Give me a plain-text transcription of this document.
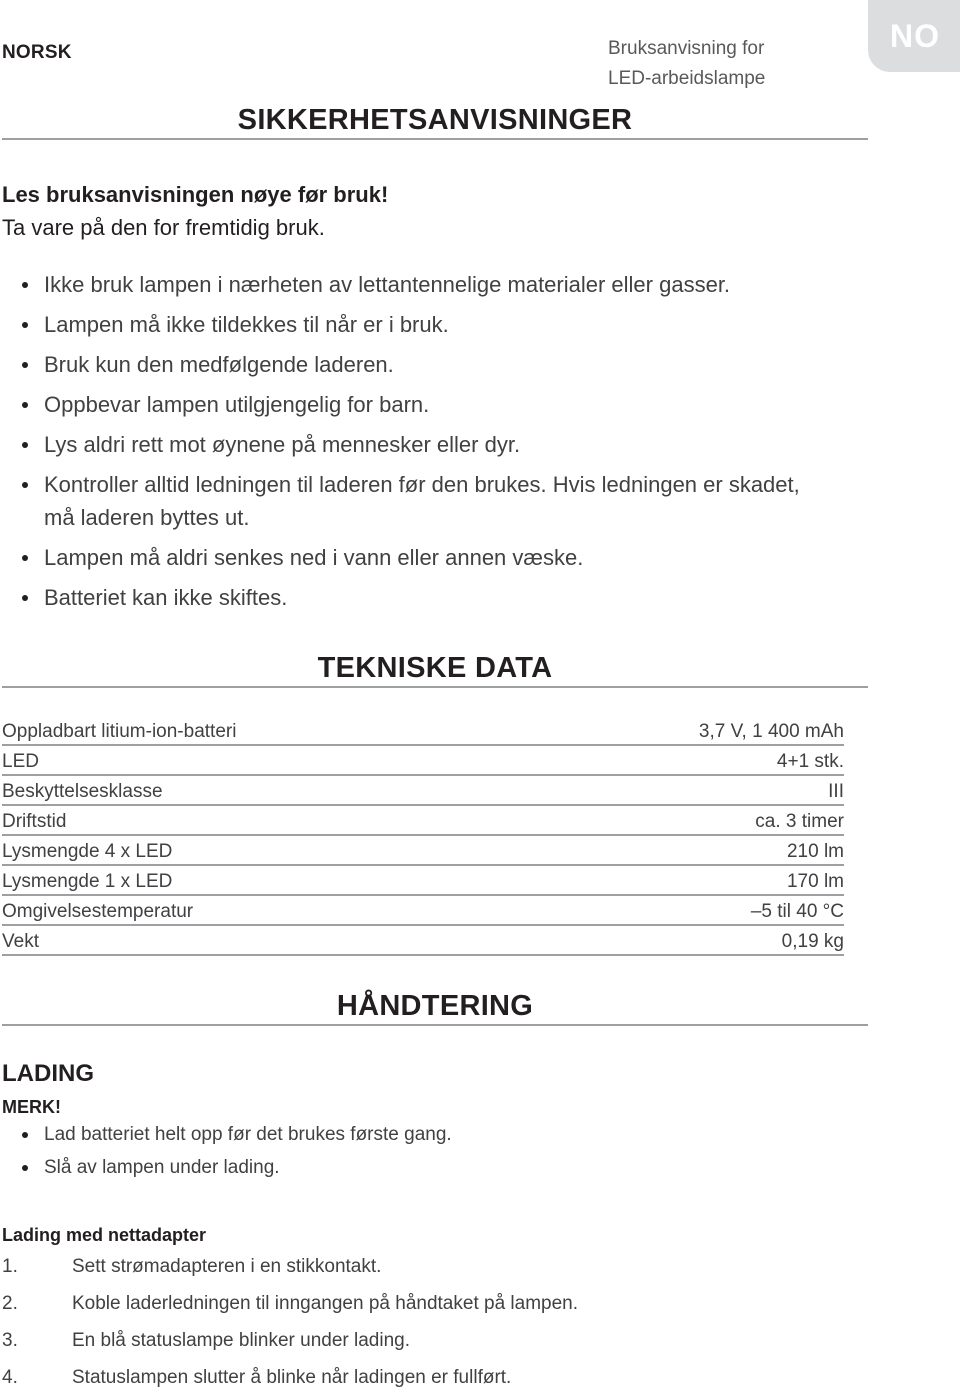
NORSK	Bruksanvisning for
LED-arbeidslampe
NO
SIKKERHETSANVISNINGER
Les bruksanvisningen nøye før bruk!
Ta vare på den for fremtidig bruk.
Ikke bruk lampen i nærheten av lettantennelige materialer eller gasser.
Lampen må ikke tildekkes til når er i bruk.
Bruk kun den medfølgende laderen.
Oppbevar lampen utilgjengelig for barn.
Lys aldri rett mot øynene på mennesker eller dyr.
Kontroller alltid ledningen til laderen før den brukes. Hvis ledningen er skadet, må laderen byttes ut.
Lampen må aldri senkes ned i vann eller annen væske.
Batteriet kan ikke skiftes.
TEKNISKE DATA
Oppladbart litium-ion-batteri	3,7 V, 1 400 mAh
LED	4+1 stk.
Beskyttelsesklasse	III
Driftstid	ca. 3 timer
Lysmengde 4 x LED	210 lm
Lysmengde 1 x LED	170 lm
Omgivelsestemperatur	–5 til 40 °C
Vekt	0,19 kg
HÅNDTERING
LADING
MERK!
Lad batteriet helt opp før det brukes første gang.
Slå av lampen under lading.
Lading med nettadapter
1.	Sett strømadapteren i en stikkontakt.
2.	Koble laderledningen til inngangen på håndtaket på lampen.
3.	En blå statuslampe blinker under lading.
4.	Statuslampen slutter å blinke når ladingen er fullført.
